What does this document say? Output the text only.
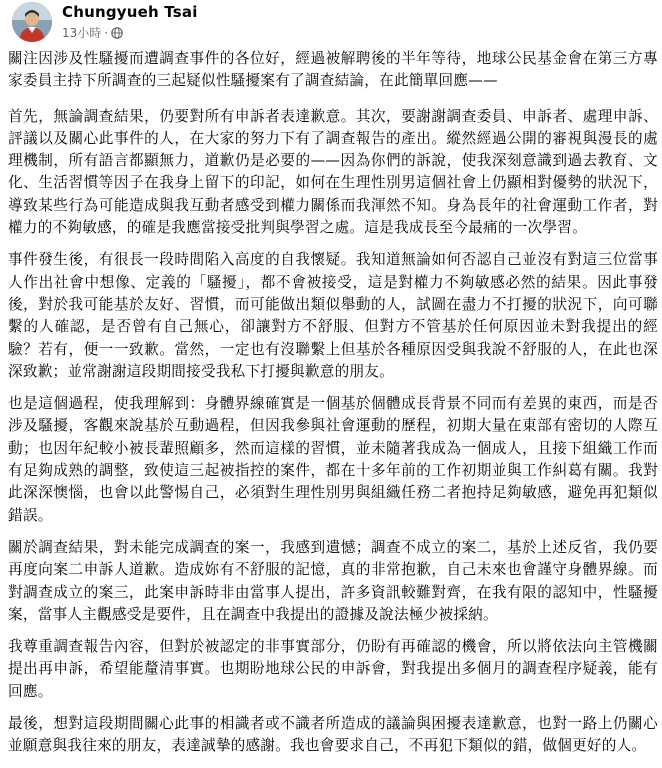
Chungyueh Tsai
13小時 ·

關注因涉及性騷擾而遭調查事件的各位好，經過被解聘後的半年等待，地球公民基金會在第三方專家委員主持下所調查的三起疑似性騷擾案有了調查結論，在此簡單回應——

首先，無論調查結果，仍要對所有申訴者表達歉意。其次，要謝謝調查委員、申訴者、處理申訴、評議以及關心此事件的人，在大家的努力下有了調查報告的產出。縱然經過公開的審視與漫長的處理機制，所有語言都顯無力，道歉仍是必要的——因為你們的訴說，使我深刻意識到過去教育、文化、生活習慣等因子在我身上留下的印記，如何在生理性別男這個社會上仍顯相對優勢的狀況下，導致某些行為可能造成與我互動者感受到權力關係而我渾然不知。身為長年的社會運動工作者，對權力的不夠敏感，的確是我應當接受批判與學習之處。這是我成長至今最痛的一次學習。

事件發生後，有很長一段時間陷入高度的自我懷疑。我知道無論如何否認自己並沒有對這三位當事人作出社會中想像、定義的「騷擾」，都不會被接受，這是對權力不夠敏感必然的結果。因此事發後，對於我可能基於友好、習慣，而可能做出類似舉動的人，試圖在盡力不打擾的狀況下，向可聯繫的人確認，是否曾有自己無心，卻讓對方不舒服、但對方不管基於任何原因並未對我提出的經驗？若有，便一一致歉。當然，一定也有沒聯繫上但基於各種原因受與我說不舒服的人，在此也深深致歉；並常謝謝這段期間接受我私下打擾與歉意的朋友。

也是這個過程，使我理解到：身體界線確實是一個基於個體成長背景不同而有差異的東西，而是否涉及騷擾，客觀來說基於互動過程，但因我參與社會運動的歷程，初期大量在東部有密切的人際互動；也因年紀較小被長輩照顧多，然而這樣的習慣，並未隨著我成為一個成人，且接下組織工作而有足夠成熟的調整，致使這三起被指控的案件，都在十多年前的工作初期並與工作糾葛有關。我對此深深懊惱，也會以此警惕自己，必須對生理性別男與組織任務二者抱持足夠敏感，避免再犯類似錯誤。

關於調查結果，對未能完成調查的案一，我感到遺憾；調查不成立的案二，基於上述反省，我仍要再度向案二申訴人道歉。造成妳有不舒服的記憶，真的非常抱歉，自己未來也會謹守身體界線。而對調查成立的案三，此案申訴時非由當事人提出，許多資訊較難對齊，在我有限的認知中，性騷擾案，當事人主觀感受是要件，且在調查中我提出的證據及說法極少被採納。

我尊重調查報告內容，但對於被認定的非事實部分，仍盼有再確認的機會，所以將依法向主管機關提出再申訴，希望能釐清事實。也期盼地球公民的申訴會，對我提出多個月的調查程序疑義，能有回應。

最後，想對這段期間關心此事的相識者或不識者所造成的議論與困擾表達歉意，也對一路上仍關心並願意與我往來的朋友，表達誠摯的感謝。我也會要求自己，不再犯下類似的錯，做個更好的人。
